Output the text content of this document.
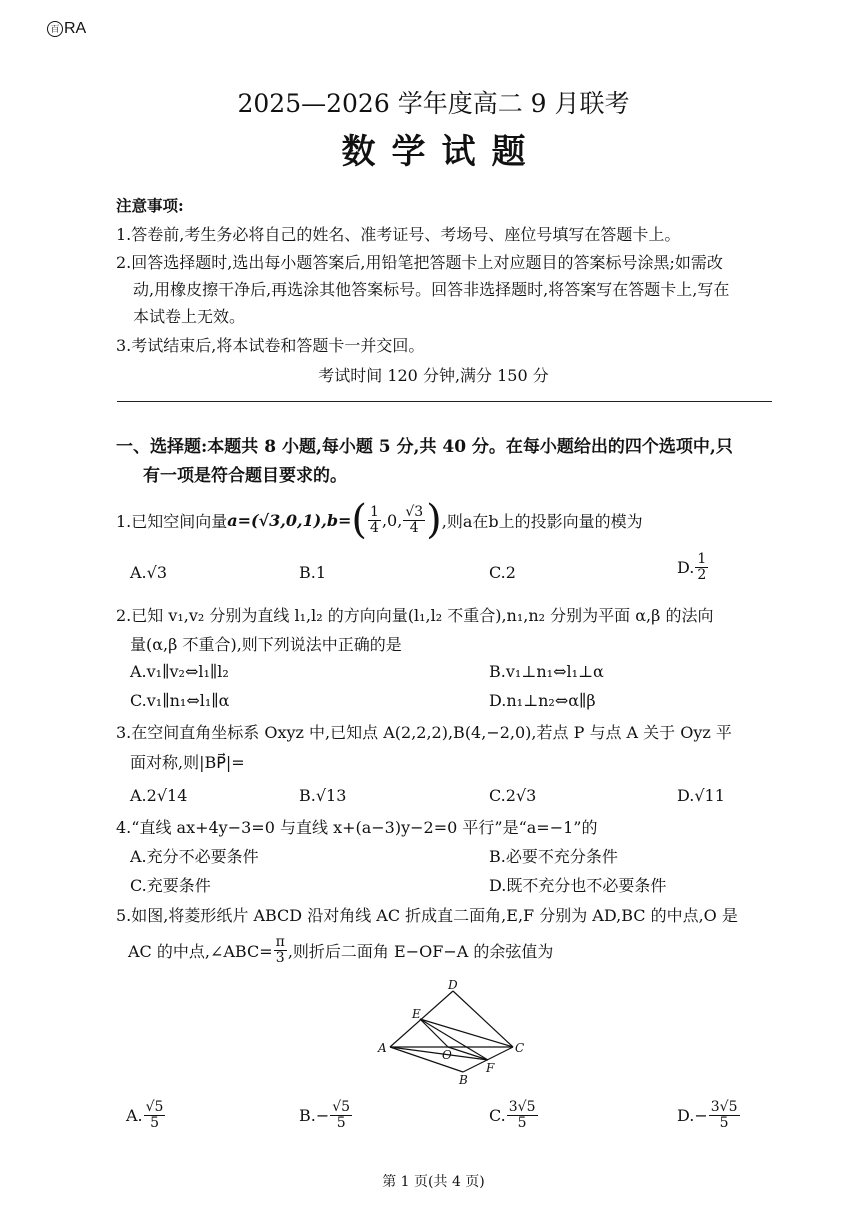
百 RA
2025—2026 学年度高二 9 月联考
数学试题
注意事项:
1.答卷前,考生务必将自己的姓名、准考证号、考场号、座位号填写在答题卡上。
2.回答选择题时,选出每小题答案后,用铅笔把答题卡上对应题目的答案标号涂黑;如需改
动,用橡皮擦干净后,再选涂其他答案标号。回答非选择题时,将答案写在答题卡上,写在
本试卷上无效。
3.考试结束后,将本试卷和答题卡一并交回。
考试时间 120 分钟,满分 150 分
一、选择题:本题共 8 小题,每小题 5 分,共 40 分。在每小题给出的四个选项中,只
有一项是符合题目要求的。
1.已知空间向量 a=(√3,0,1), b= ( $\frac{1}{4} ,0$, $\frac{√3}{4}$ ) ,则a在b上的投影向量的模为
A.√3	B.1	C.2	D. $\frac{1}{2}$
2.已知 v₁,v₂ 分别为直线 l₁,l₂ 的方向向量(l₁,l₂ 不重合),n₁,n₂ 分别为平面 α,β 的法向
量(α,β 不重合),则下列说法中正确的是
A.v₁∥v₂⇔l₁∥l₂	B.v₁⊥n₁⇔l₁⊥α
C.v₁∥n₁⇔l₁∥α	D.n₁⊥n₂⇔α∥β
3.在空间直角坐标系 Oxyz 中,已知点 A(2,2,2),B(4,−2,0),若点 P 与点 A 关于 Oyz 平
面对称,则|BP⃗|=
A.2√14	B.√13	C.2√3	D.√11
4.“直线 ax+4y−3=0 与直线 x+(a−3)y−2=0 平行”是“a=−1”的
A.充分不必要条件	B.必要不充分条件
C.充要条件	D.既不充分也不必要条件
5.如图,将菱形纸片 ABCD 沿对角线 AC 折成直二面角,E,F 分别为 AD,BC 的中点,O 是
AC 的中点,∠ABC= $\frac{\pi}{3}$ ,则折后二面角 E−OF−A 的余弦值为
D
E
A	O	C
F
B
A. $\frac{√5}{5}$	$B.- \frac{√5}{5}$	C. $\frac{3√5}{5}$	$D.- \frac{3√5}{5}$
第 1 页(共 4 页)
